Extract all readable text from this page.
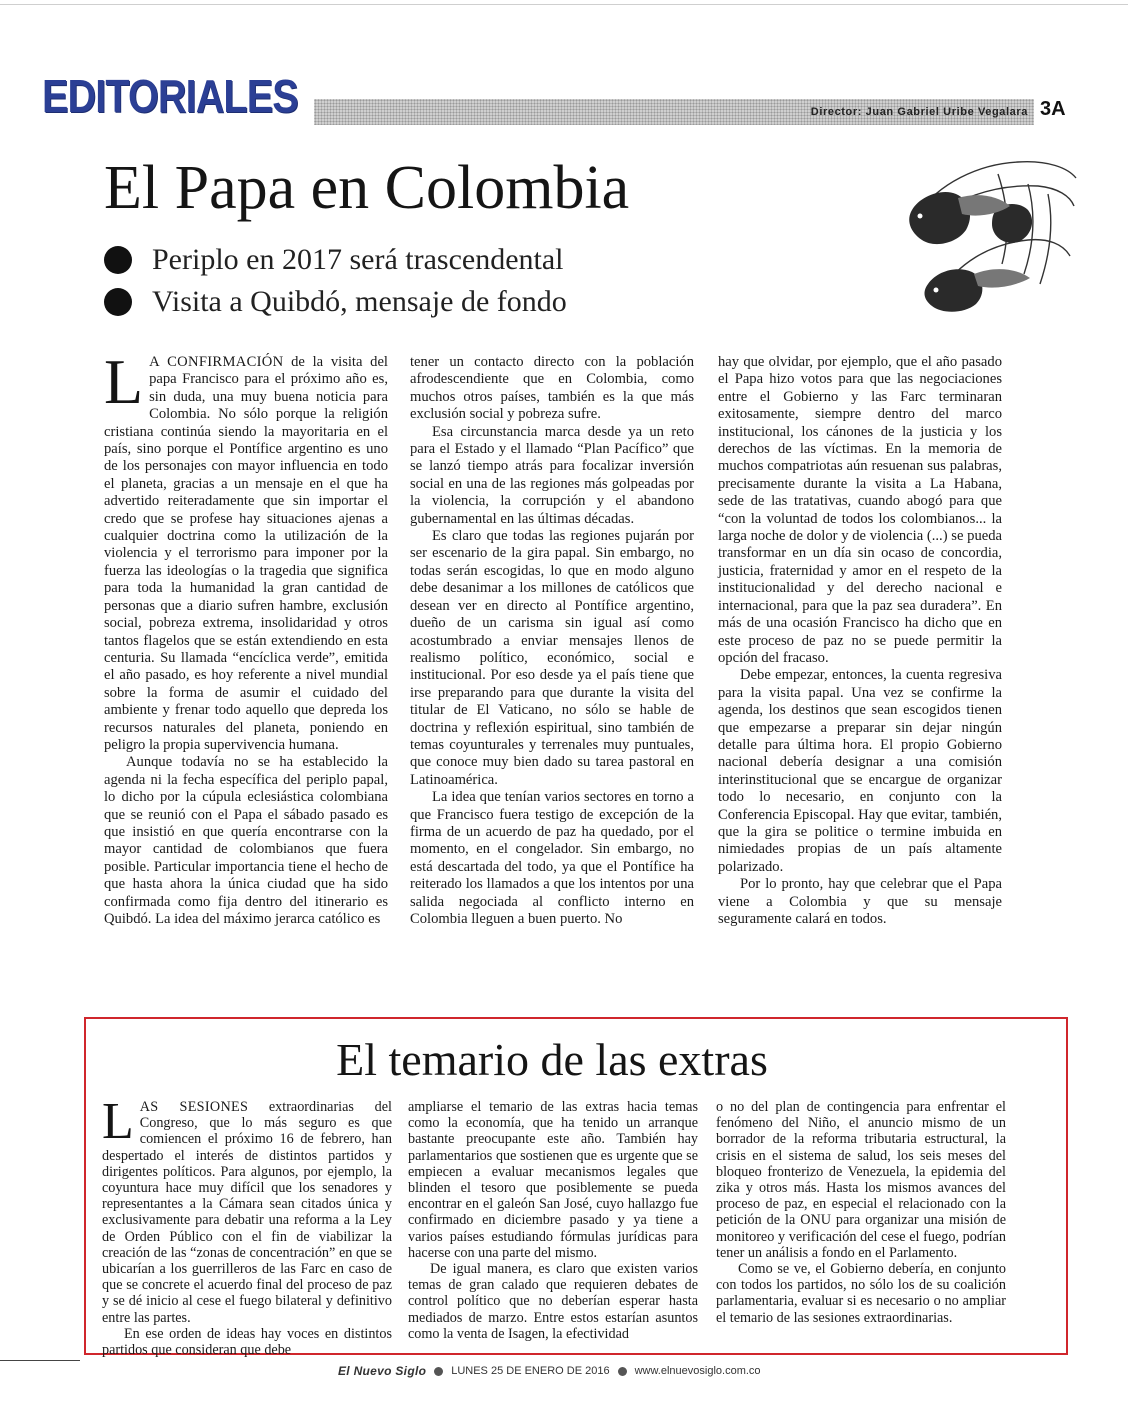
EDITORIALES	Director: Juan Gabriel Uribe Vegalara 3A
El Papa en Colombia
Periplo en 2017 será trascendental
Visita a Quibdó, mensaje de fondo

L A CONFIRMACIÓN de la visita del papa Francisco para el próximo año es, sin duda, una muy buena noticia para Colombia. No sólo porque la religión cristiana continúa siendo la mayoritaria en el país, sino porque el Pontífice argentino es uno de los personajes con mayor influencia en todo el planeta, gracias a un mensaje en el que ha advertido reiteradamente que sin importar el credo que se profese hay situaciones ajenas a cualquier doctrina como la utilización de la violencia y el terrorismo para imponer por la fuerza las ideologías o la tragedia que significa para toda la humanidad la gran cantidad de personas que a diario sufren hambre, exclusión social, pobreza extrema, insolidaridad y otros tantos flagelos que se están extendiendo en esta centuria. Su llamada “encíclica verde”, emitida el año pasado, es hoy referente a nivel mundial sobre la forma de asumir el cuidado del ambiente y frenar todo aquello que depreda los recursos naturales del planeta, poniendo en peligro la propia supervivencia humana.

Aunque todavía no se ha establecido la agenda ni la fecha específica del periplo papal, lo dicho por la cúpula eclesiástica colombiana que se reunió con el Papa el sábado pasado es que insistió en que quería encontrarse con la mayor cantidad de colombianos que fuera posible. Particular importancia tiene el hecho de que hasta ahora la única ciudad que ha sido confirmada como fija dentro del itinerario es Quibdó. La idea del máximo jerarca católico es

tener un contacto directo con la población afrodescendiente que en Colombia, como muchos otros países, también es la que más exclusión social y pobreza sufre.

Esa circunstancia marca desde ya un reto para el Estado y el llamado “Plan Pacífico” que se lanzó tiempo atrás para focalizar inversión social en una de las regiones más golpeadas por la violencia, la corrupción y el abandono gubernamental en las últimas décadas.

Es claro que todas las regiones pujarán por ser escenario de la gira papal. Sin embargo, no todas serán escogidas, lo que en modo alguno debe desanimar a los millones de católicos que desean ver en directo al Pontífice argentino, dueño de un carisma sin igual así como acostumbrado a enviar mensajes llenos de realismo político, económico, social e institucional. Por eso desde ya el país tiene que irse preparando para que durante la visita del titular de El Vaticano, no sólo se hable de doctrina y reflexión espiritual, sino también de temas coyunturales y terrenales muy puntuales, que conoce muy bien dado su tarea pastoral en Latinoamérica.

La idea que tenían varios sectores en torno a que Francisco fuera testigo de excepción de la firma de un acuerdo de paz ha quedado, por el momento, en el congelador. Sin embargo, no está descartada del todo, ya que el Pontífice ha reiterado los llamados a que los intentos por una salida negociada al conflicto interno en Colombia lleguen a buen puerto. No

hay que olvidar, por ejemplo, que el año pasado el Papa hizo votos para que las negociaciones entre el Gobierno y las Farc terminaran exitosamente, siempre dentro del marco institucional, los cánones de la justicia y los derechos de las víctimas. En la memoria de muchos compatriotas aún resuenan sus palabras, precisamente durante la visita a La Habana, sede de las tratativas, cuando abogó para que “con la voluntad de todos los colombianos... la larga noche de dolor y de violencia (...) se pueda transformar en un día sin ocaso de concordia, justicia, fraternidad y amor en el respeto de la institucionalidad y del derecho nacional e internacional, para que la paz sea duradera”. En más de una ocasión Francisco ha dicho que en este proceso de paz no se puede permitir la opción del fracaso.

Debe empezar, entonces, la cuenta regresiva para la visita papal. Una vez se confirme la agenda, los destinos que sean escogidos tienen que empezarse a preparar sin dejar ningún detalle para última hora. El propio Gobierno nacional debería designar a una comisión interinstitucional que se encargue de organizar todo lo necesario, en conjunto con la Conferencia Episcopal. Hay que evitar, también, que la gira se politice o termine imbuida en nimiedades propias de un país altamente polarizado.

Por lo pronto, hay que celebrar que el Papa viene a Colombia y que su mensaje seguramente calará en todos.

El temario de las extras

LAS SESIONES extraordinarias del Congreso, que lo más seguro es que comiencen el próximo 16 de febrero, han despertado el interés de distintos partidos y dirigentes políticos. Para algunos, por ejemplo, la coyuntura hace muy difícil que los senadores y representantes a la Cámara sean citados única y exclusivamente para debatir una reforma a la Ley de Orden Público con el fin de viabilizar la creación de las “zonas de concentración” en que se ubicarían a los guerrilleros de las Farc en caso de que se concrete el acuerdo final del proceso de paz y se dé inicio al cese el fuego bilateral y definitivo entre las partes.

En ese orden de ideas hay voces en distintos partidos que consideran que debe

ampliarse el temario de las extras hacia temas como la economía, que ha tenido un arranque bastante preocupante este año. También hay parlamentarios que sostienen que es urgente que se empiecen a evaluar mecanismos legales que blinden el tesoro que posiblemente se pueda encontrar en el galeón San José, cuyo hallazgo fue confirmado en diciembre pasado y ya tiene a varios países estudiando fórmulas jurídicas para hacerse con una parte del mismo.

De igual manera, es claro que existen varios temas de gran calado que requieren debates de control político que no deberían esperar hasta mediados de marzo. Entre estos estarían asuntos como la venta de Isagen, la efectividad

o no del plan de contingencia para enfrentar el fenómeno del Niño, el anuncio mismo de un borrador de la reforma tributaria estructural, la crisis en el sistema de salud, los seis meses del bloqueo fronterizo de Venezuela, la epidemia del zika y otros más. Hasta los mismos avances del proceso de paz, en especial el relacionado con la petición de la ONU para organizar una misión de monitoreo y verificación del cese el fuego, podrían tener un análisis a fondo en el Parlamento.

Como se ve, el Gobierno debería, en conjunto con todos los partidos, no sólo los de su coalición parlamentaria, evaluar si es necesario o no ampliar el temario de las sesiones extraordinarias.

El Nuevo Siglo LUNES 25 DE ENERO DE 2016 www.elnuevosiglo.com.co
